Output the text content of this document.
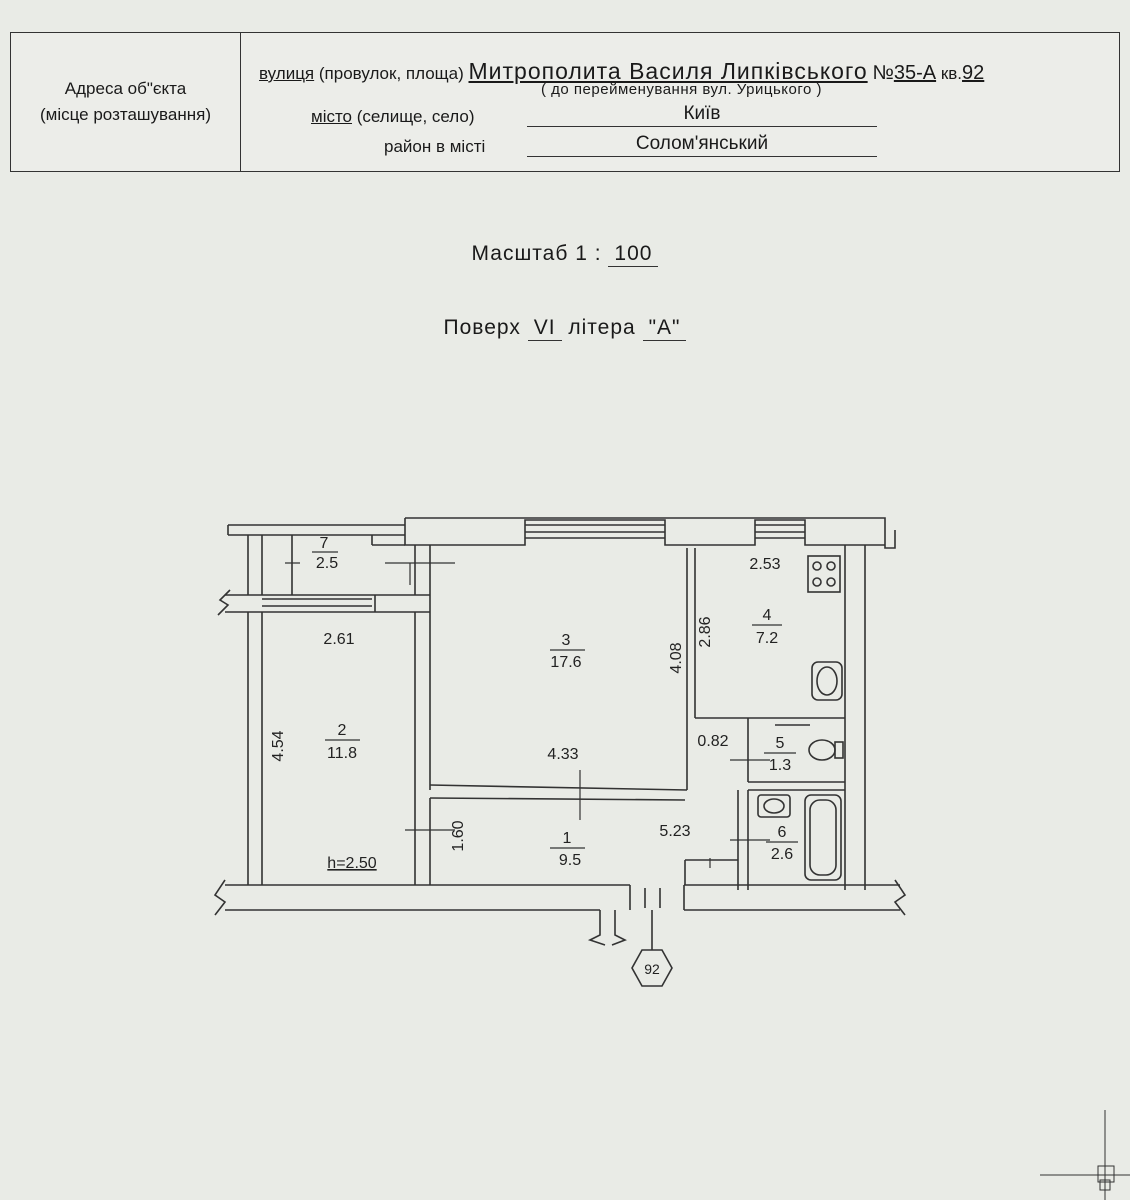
Адреса об"єкта
(місце розташування)
вулиця (провулок, площа) Митрополита Василя Липківського №35-А кв.92
( до перейменування вул. Урицького )
місто (селище, село)	Київ
район в місті	Солом'янський
Масштаб 1 : 100
Поверх VI літера "А"
7
2.5
3
17.6
4
7.2
2
11.8
5
1.3
1
9.5
6
2.6
2.53
2.61	2.86
4.08
4.54	4.33
0.82
1.60	5.23
h=2.50
92
